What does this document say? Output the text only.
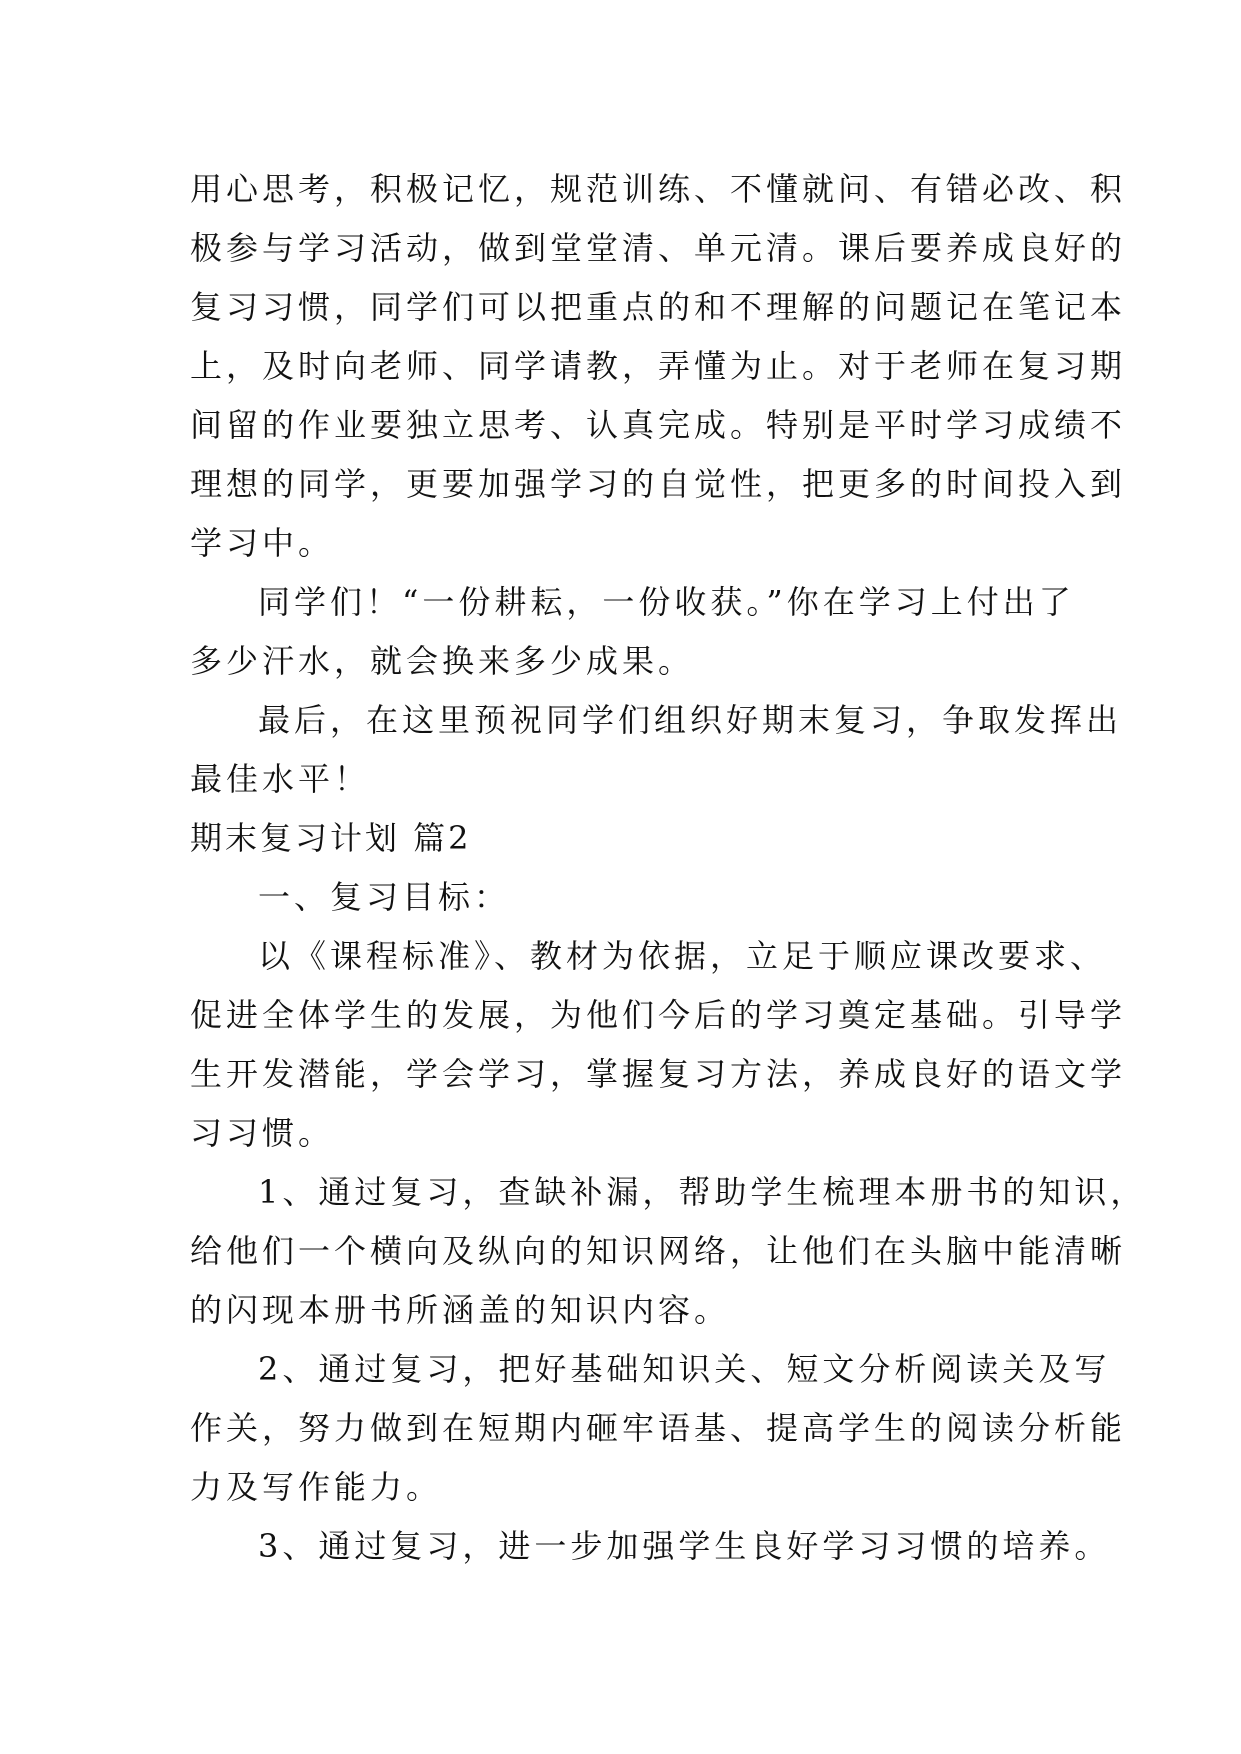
用心思考，积极记忆，规范训练、不懂就问、有错必改、积
极参与学习活动，做到堂堂清、单元清。课后要养成良好的
复习习惯，同学们可以把重点的和不理解的问题记在笔记本
上，及时向老师、同学请教，弄懂为止。对于老师在复习期
间留的作业要独立思考、认真完成。特别是平时学习成绩不
理想的同学，更要加强学习的自觉性，把更多的时间投入到
学习中。
同学们！“一份耕耘，一份收获。”你在学习上付出了
多少汗水，就会换来多少成果。
最后，在这里预祝同学们组织好期末复习，争取发挥出
最佳水平！
期末复习计划 篇2
一、复习目标：
以《课程标准》、教材为依据，立足于顺应课改要求、
促进全体学生的发展，为他们今后的学习奠定基础。引导学
生开发潜能，学会学习，掌握复习方法，养成良好的语文学
习习惯。
1、通过复习，查缺补漏，帮助学生梳理本册书的知识，
给他们一个横向及纵向的知识网络，让他们在头脑中能清晰
的闪现本册书所涵盖的知识内容。
2、通过复习，把好基础知识关、短文分析阅读关及写
作关，努力做到在短期内砸牢语基、提高学生的阅读分析能
力及写作能力。
3、通过复习，进一步加强学生良好学习习惯的培养。
